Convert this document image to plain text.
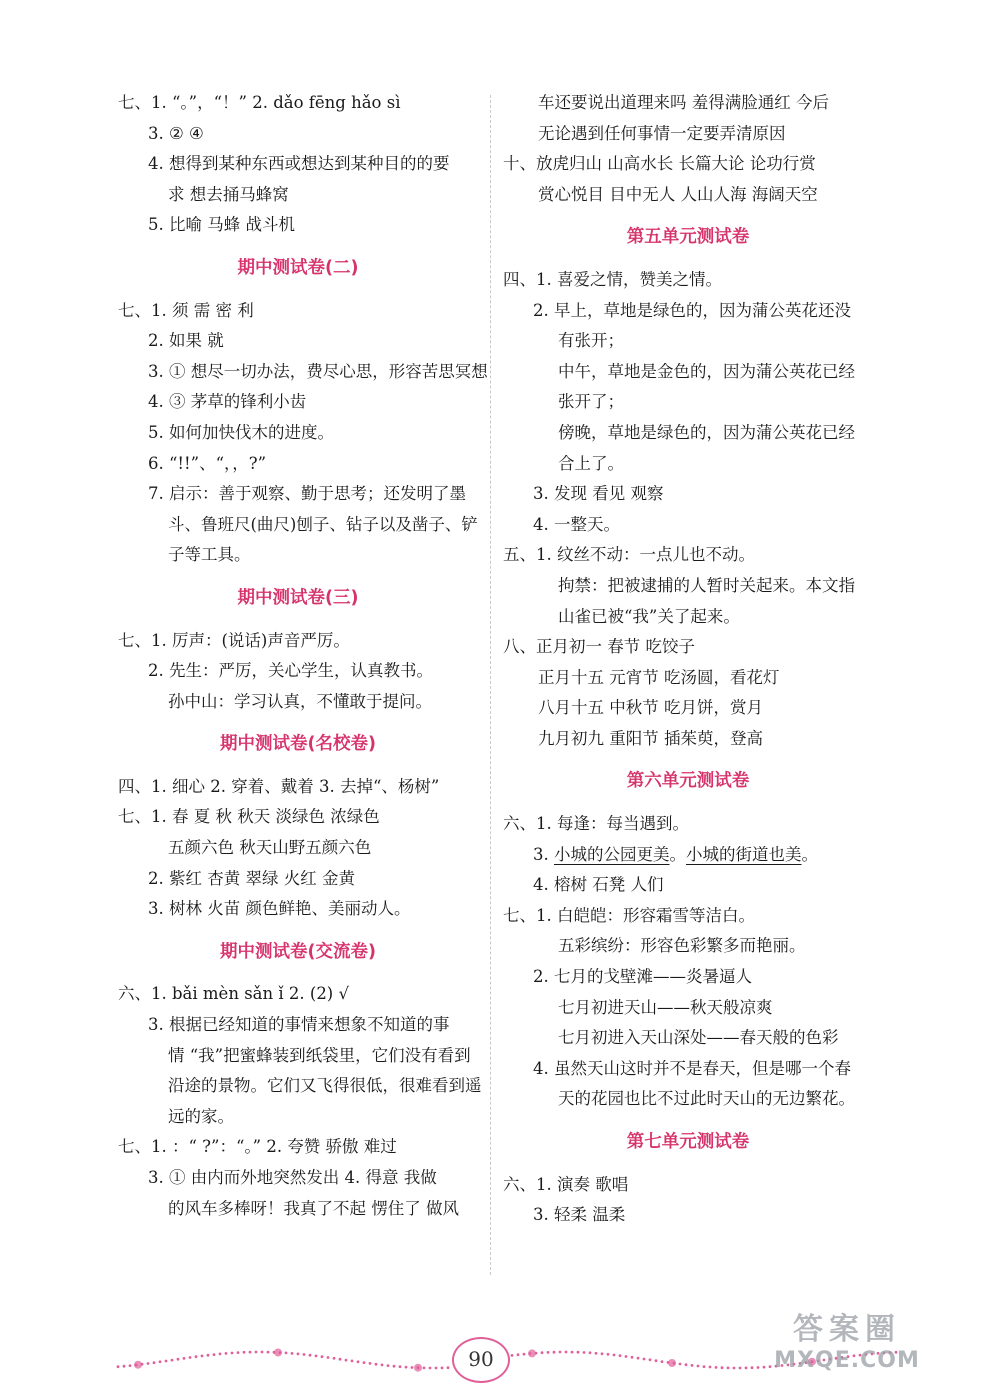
七、1. “。”，“！” 2. dǎo fēng hǎo sì
3. ② ④
4. 想得到某种东西或想达到某种目的的要
求 想去捅马蜂窝
5. 比喻 马蜂 战斗机
期中测试卷(二)
七、1. 须 需 密 利
2. 如果 就
3. ① 想尽一切办法，费尽心思，形容苦思冥想
4. ③ 茅草的锋利小齿
5. 如何加快伐木的进度。
6. “!!”、“，，?”
7. 启示：善于观察、勤于思考；还发明了墨
斗、鲁班尺(曲尺)刨子、钻子以及凿子、铲
子等工具。
期中测试卷(三)
七、1. 厉声：(说话)声音严厉。
2. 先生：严厉，关心学生，认真教书。
孙中山：学习认真，不懂敢于提问。
期中测试卷(名校卷)
四、1. 细心 2. 穿着、戴着 3. 去掉“、杨树”
七、1. 春 夏 秋 秋天 淡绿色 浓绿色
五颜六色 秋天山野五颜六色
2. 紫红 杏黄 翠绿 火红 金黄
3. 树林 火苗 颜色鲜艳、美丽动人。
期中测试卷(交流卷)
六、1. bǎi mèn sǎn ǐ 2. (2) √
3. 根据已经知道的事情来想象不知道的事
情 “我”把蜜蜂装到纸袋里，它们没有看到
沿途的景物。它们又飞得很低，很难看到遥
远的家。
七、1. ：“ ?”：“。” 2. 夸赞 骄傲 难过
3. ① 由内而外地突然发出 4. 得意 我做
的风车多棒呀！我真了不起 愣住了 做风
车还要说出道理来吗 羞得满脸通红 今后
无论遇到任何事情一定要弄清原因
十、放虎归山 山高水长 长篇大论 论功行赏
赏心悦目 目中无人 人山人海 海阔天空
第五单元测试卷
四、1. 喜爱之情，赞美之情。
2. 早上，草地是绿色的，因为蒲公英花还没
有张开；
中午，草地是金色的，因为蒲公英花已经
张开了；
傍晚，草地是绿色的，因为蒲公英花已经
合上了。
3. 发现 看见 观察
4. 一整天。
五、1. 纹丝不动：一点儿也不动。
拘禁：把被逮捕的人暂时关起来。本文指
山雀已被“我”关了起来。
八、正月初一 春节 吃饺子
正月十五 元宵节 吃汤圆，看花灯
八月十五 中秋节 吃月饼，赏月
九月初九 重阳节 插茱萸，登高
第六单元测试卷
六、1. 每逢：每当遇到。
3. 小城的公园更美。小城的街道也美。
4. 榕树 石凳 人们
七、1. 白皑皑：形容霜雪等洁白。
五彩缤纷：形容色彩繁多而艳丽。
2. 七月的戈壁滩——炎暑逼人
七月初进天山——秋天般凉爽
七月初进入天山深处——春天般的色彩
4. 虽然天山这时并不是春天，但是哪一个春
天的花园也比不过此时天山的无边繁花。
第七单元测试卷
六、1. 演奏 歌唱
3. 轻柔 温柔
90
答案圈
MXQE.COM
